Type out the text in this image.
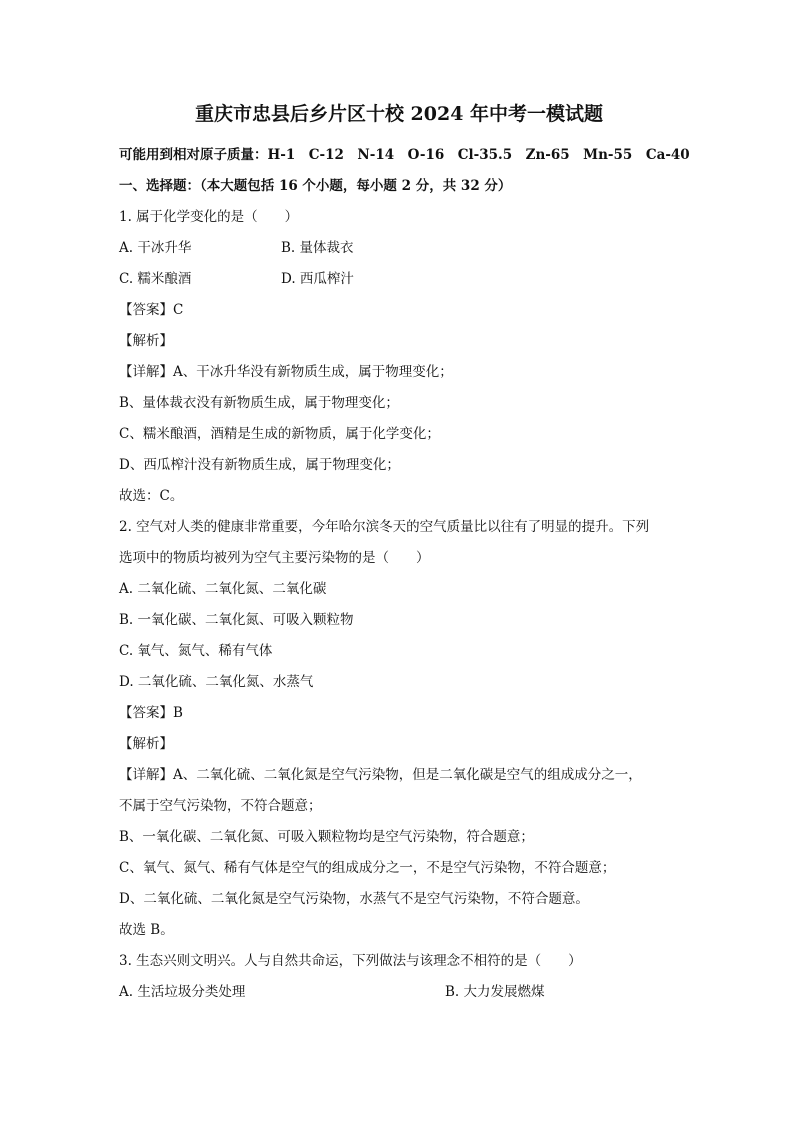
重庆市忠县后乡片区十校 2024 年中考一模试题
可能用到相对原子质量：H-1　C-12　N-14　O-16　Cl-35.5　Zn-65　Mn-55　Ca-40
一、选择题：（本大题包括 16 个小题，每小题 2 分，共 32 分）
1. 属于化学变化的是（　　）
A. 干冰升华	B. 量体裁衣
C. 糯米酿酒	D. 西瓜榨汁
【答案】C
【解析】
【详解】A、干冰升华没有新物质生成，属于物理变化；
B、量体裁衣没有新物质生成，属于物理变化；
C、糯米酿酒，酒精是生成的新物质，属于化学变化；
D、西瓜榨汁没有新物质生成，属于物理变化；
故选：C。
2. 空气对人类的健康非常重要，今年哈尔滨冬天的空气质量比以往有了明显的提升。下列
选项中的物质均被列为空气主要污染物的是（　　）
A. 二氧化硫、二氧化氮、二氧化碳
B. 一氧化碳、二氧化氮、可吸入颗粒物
C. 氧气、氮气、稀有气体
D. 二氧化硫、二氧化氮、水蒸气
【答案】B
【解析】
【详解】A、二氧化硫、二氧化氮是空气污染物，但是二氧化碳是空气的组成成分之一，
不属于空气污染物，不符合题意；
B、一氧化碳、二氧化氮、可吸入颗粒物均是空气污染物，符合题意；
C、氧气、氮气、稀有气体是空气的组成成分之一，不是空气污染物，不符合题意；
D、二氧化硫、二氧化氮是空气污染物，水蒸气不是空气污染物，不符合题意。
故选 B。
3. 生态兴则文明兴。人与自然共命运，下列做法与该理念不相符的是（　　）
A. 生活垃圾分类处理	B. 大力发展燃煤
